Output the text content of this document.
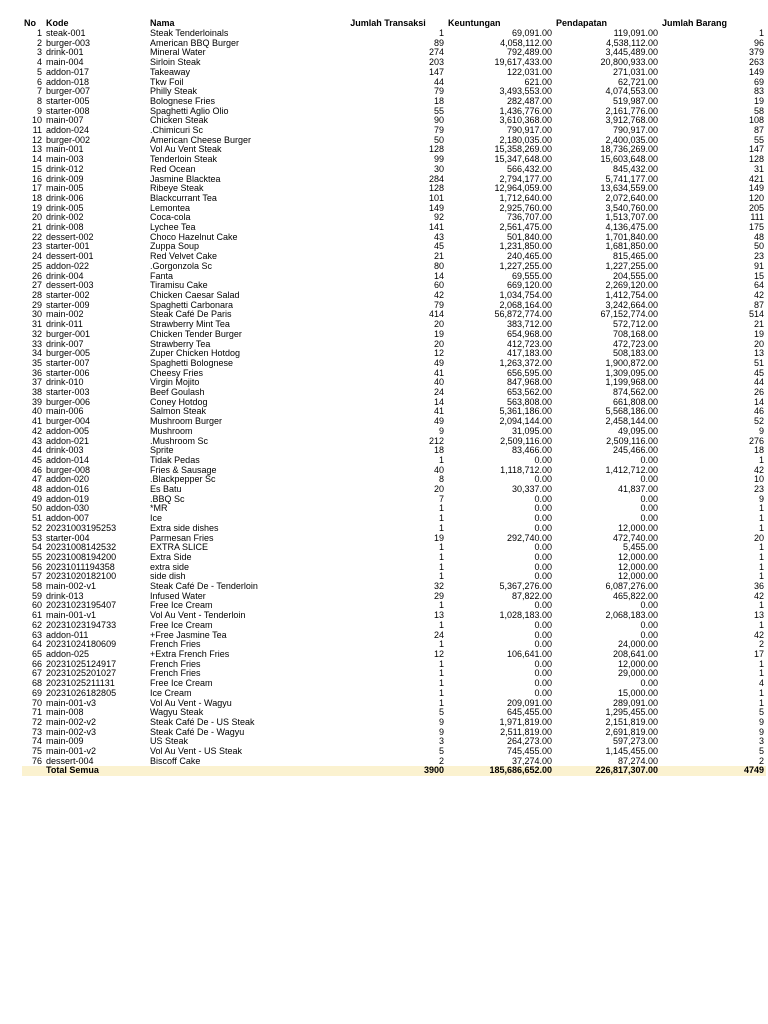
No	Kode	Nama	Jumlah Transaksi	Keuntungan	Pendapatan	Jumlah Barang
1	steak-001	Steak Tenderloinals	1	69,091.00	119,091.00	1
2	burger-003	American BBQ Burger	89	4,058,112.00	4,538,112.00	96
3	drink-001	Mineral Water	274	792,489.00	3,445,489.00	379
4	main-004	Sirloin Steak	203	19,617,433.00	20,800,933.00	263
5	addon-017	Takeaway	147	122,031.00	271,031.00	149
6	addon-018	Tkw Foil	44	621.00	62,721.00	69
7	burger-007	Philly Steak	79	3,493,553.00	4,074,553.00	83
8	starter-005	Bolognese Fries	18	282,487.00	519,987.00	19
9	starter-008	Spaghetti Aglio Olio	55	1,436,776.00	2,161,776.00	58
10	main-007	Chicken Steak	90	3,610,368.00	3,912,768.00	108
11	addon-024	.Chimicuri Sc	79	790,917.00	790,917.00	87
12	burger-002	American Cheese Burger	50	2,180,035.00	2,400,035.00	55
13	main-001	Vol Au Vent Steak	128	15,358,269.00	18,736,269.00	147
14	main-003	Tenderloin Steak	99	15,347,648.00	15,603,648.00	128
15	drink-012	Red Ocean	30	566,432.00	845,432.00	31
16	drink-009	Jasmine Blacktea	284	2,794,177.00	5,741,177.00	421
17	main-005	Ribeye Steak	128	12,964,059.00	13,634,559.00	149
18	drink-006	Blackcurrant Tea	101	1,712,640.00	2,072,640.00	120
19	drink-005	Lemontea	149	2,925,760.00	3,540,760.00	205
20	drink-002	Coca-cola	92	736,707.00	1,513,707.00	111
21	drink-008	Lychee Tea	141	2,561,475.00	4,136,475.00	175
22	dessert-002	Choco Hazelnut Cake	43	501,840.00	1,701,840.00	48
23	starter-001	Zuppa Soup	45	1,231,850.00	1,681,850.00	50
24	dessert-001	Red Velvet Cake	21	240,465.00	815,465.00	23
25	addon-022	.Gorgonzola Sc	80	1,227,255.00	1,227,255.00	91
26	drink-004	Fanta	14	69,555.00	204,555.00	15
27	dessert-003	Tiramisu Cake	60	669,120.00	2,269,120.00	64
28	starter-002	Chicken Caesar Salad	42	1,034,754.00	1,412,754.00	42
29	starter-009	Spaghetti Carbonara	79	2,068,164.00	3,242,664.00	87
30	main-002	Steak Café De Paris	414	56,872,774.00	67,152,774.00	514
31	drink-011	Strawberry Mint Tea	20	383,712.00	572,712.00	21
32	burger-001	Chicken Tender Burger	19	654,968.00	708,168.00	19
33	drink-007	Strawberry Tea	20	412,723.00	472,723.00	20
34	burger-005	Zuper Chicken Hotdog	12	417,183.00	508,183.00	13
35	starter-007	Spaghetti Bolognese	49	1,263,372.00	1,900,872.00	51
36	starter-006	Cheesy Fries	41	656,595.00	1,309,095.00	45
37	drink-010	Virgin Mojito	40	847,968.00	1,199,968.00	44
38	starter-003	Beef Goulash	24	653,562.00	874,562.00	26
39	burger-006	Coney Hotdog	14	563,808.00	661,808.00	14
40	main-006	Salmon Steak	41	5,361,186.00	5,568,186.00	46
41	burger-004	Mushroom Burger	49	2,094,144.00	2,458,144.00	52
42	addon-005	Mushroom	9	31,095.00	49,095.00	9
43	addon-021	.Mushroom Sc	212	2,509,116.00	2,509,116.00	276
44	drink-003	Sprite	18	83,466.00	245,466.00	18
45	addon-014	Tidak Pedas	1	0.00	0.00	1
46	burger-008	Fries & Sausage	40	1,118,712.00	1,412,712.00	42
47	addon-020	.Blackpepper Sc	8	0.00	0.00	10
48	addon-016	Es Batu	20	30,337.00	41,837.00	23
49	addon-019	.BBQ Sc	7	0.00	0.00	9
50	addon-030	*MR	1	0.00	0.00	1
51	addon-007	Ice	1	0.00	0.00	1
52	20231003195253	Extra side dishes	1	0.00	12,000.00	1
53	starter-004	Parmesan Fries	19	292,740.00	472,740.00	20
54	20231008142532	EXTRA SLICE	1	0.00	5,455.00	1
55	20231008194200	Extra Side	1	0.00	12,000.00	1
56	20231011194358	extra side	1	0.00	12,000.00	1
57	20231020182100	side dish	1	0.00	12,000.00	1
58	main-002-v1	Steak Café De - Tenderloin	32	5,367,276.00	6,087,276.00	36
59	drink-013	Infused Water	29	87,822.00	465,822.00	42
60	20231023195407	Free Ice Cream	1	0.00	0.00	1
61	main-001-v1	Vol Au Vent - Tenderloin	13	1,028,183.00	2,068,183.00	13
62	20231023194733	Free Ice Cream	1	0.00	0.00	1
63	addon-011	+Free Jasmine Tea	24	0.00	0.00	42
64	20231024180609	French Fries	1	0.00	24,000.00	2
65	addon-025	+Extra French Fries	12	106,641.00	208,641.00	17
66	20231025124917	French Fries	1	0.00	12,000.00	1
67	20231025201027	French Fries	1	0.00	29,000.00	1
68	20231025211131	Free Ice Cream	1	0.00	0.00	4
69	20231026182805	Ice Cream	1	0.00	15,000.00	1
70	main-001-v3	Vol Au Vent - Wagyu	1	209,091.00	289,091.00	1
71	main-008	Wagyu Steak	5	645,455.00	1,295,455.00	5
72	main-002-v2	Steak Café De - US Steak	9	1,971,819.00	2,151,819.00	9
73	main-002-v3	Steak Café De - Wagyu	9	2,511,819.00	2,691,819.00	9
74	main-009	US Steak	3	264,273.00	597,273.00	3
75	main-001-v2	Vol Au Vent - US Steak	5	745,455.00	1,145,455.00	5
76	dessert-004	Biscoff Cake	2	37,274.00	87,274.00	2
	Total Semua		3900	185,686,652.00	226,817,307.00	4749
